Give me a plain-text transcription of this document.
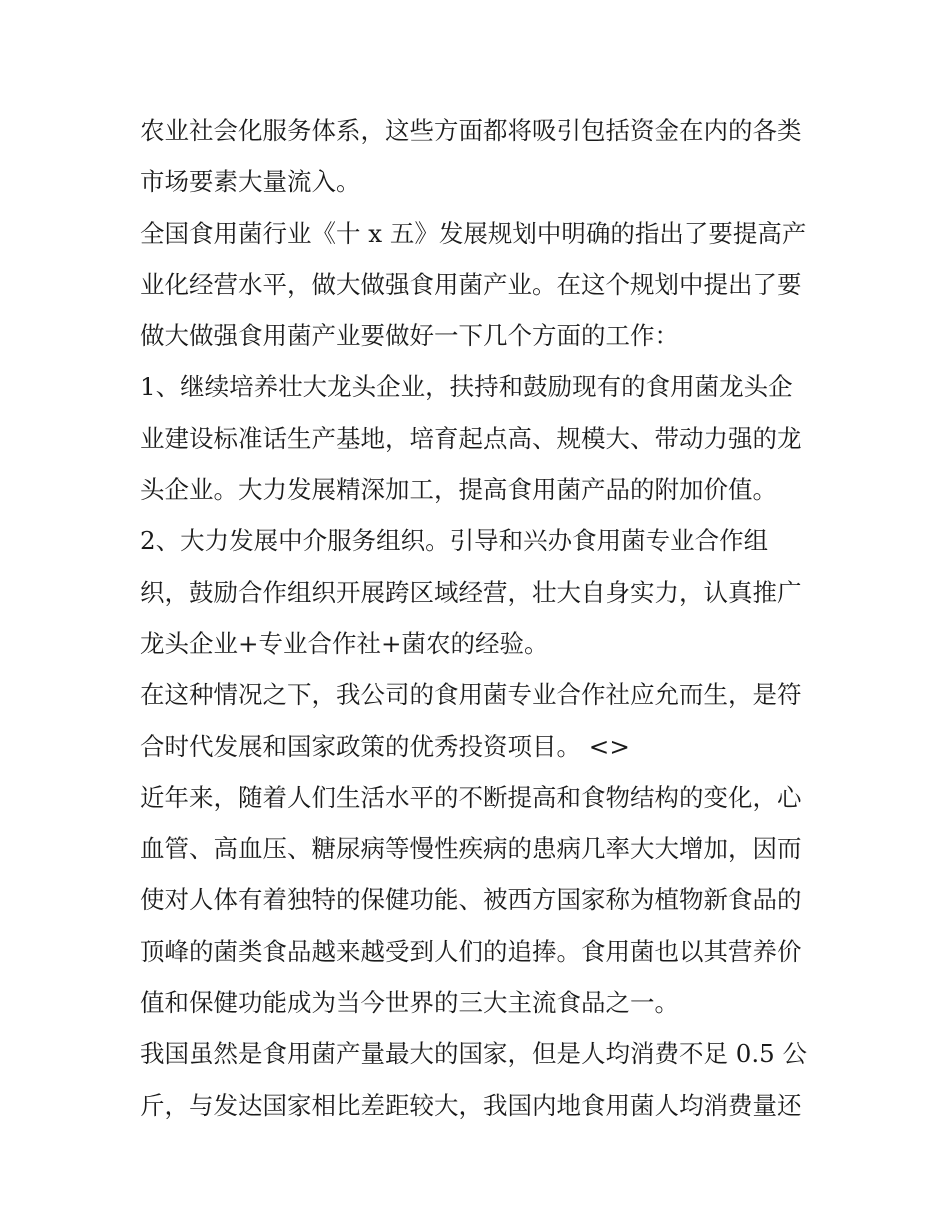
农业社会化服务体系，这些方面都将吸引包括资金在内的各类
市场要素大量流入。
全国食用菌行业《十 x 五》发展规划中明确的指出了要提高产
业化经营水平，做大做强食用菌产业。在这个规划中提出了要
做大做强食用菌产业要做好一下几个方面的工作：
1、继续培养壮大龙头企业，扶持和鼓励现有的食用菌龙头企
业建设标准话生产基地，培育起点高、规模大、带动力强的龙
头企业。大力发展精深加工，提高食用菌产品的附加价值。
2、大力发展中介服务组织。引导和兴办食用菌专业合作组
织，鼓励合作组织开展跨区域经营，壮大自身实力，认真推广
龙头企业+专业合作社+菌农的经验。
在这种情况之下，我公司的食用菌专业合作社应允而生，是符
合时代发展和国家政策的优秀投资项目。 <>
近年来，随着人们生活水平的不断提高和食物结构的变化，心
血管、高血压、糖尿病等慢性疾病的患病几率大大增加，因而
使对人体有着独特的保健功能、被西方国家称为植物新食品的
顶峰的菌类食品越来越受到人们的追捧。食用菌也以其营养价
值和保健功能成为当今世界的三大主流食品之一。
我国虽然是食用菌产量最大的国家，但是人均消费不足 0.5 公
斤，与发达国家相比差距较大，我国内地食用菌人均消费量还
